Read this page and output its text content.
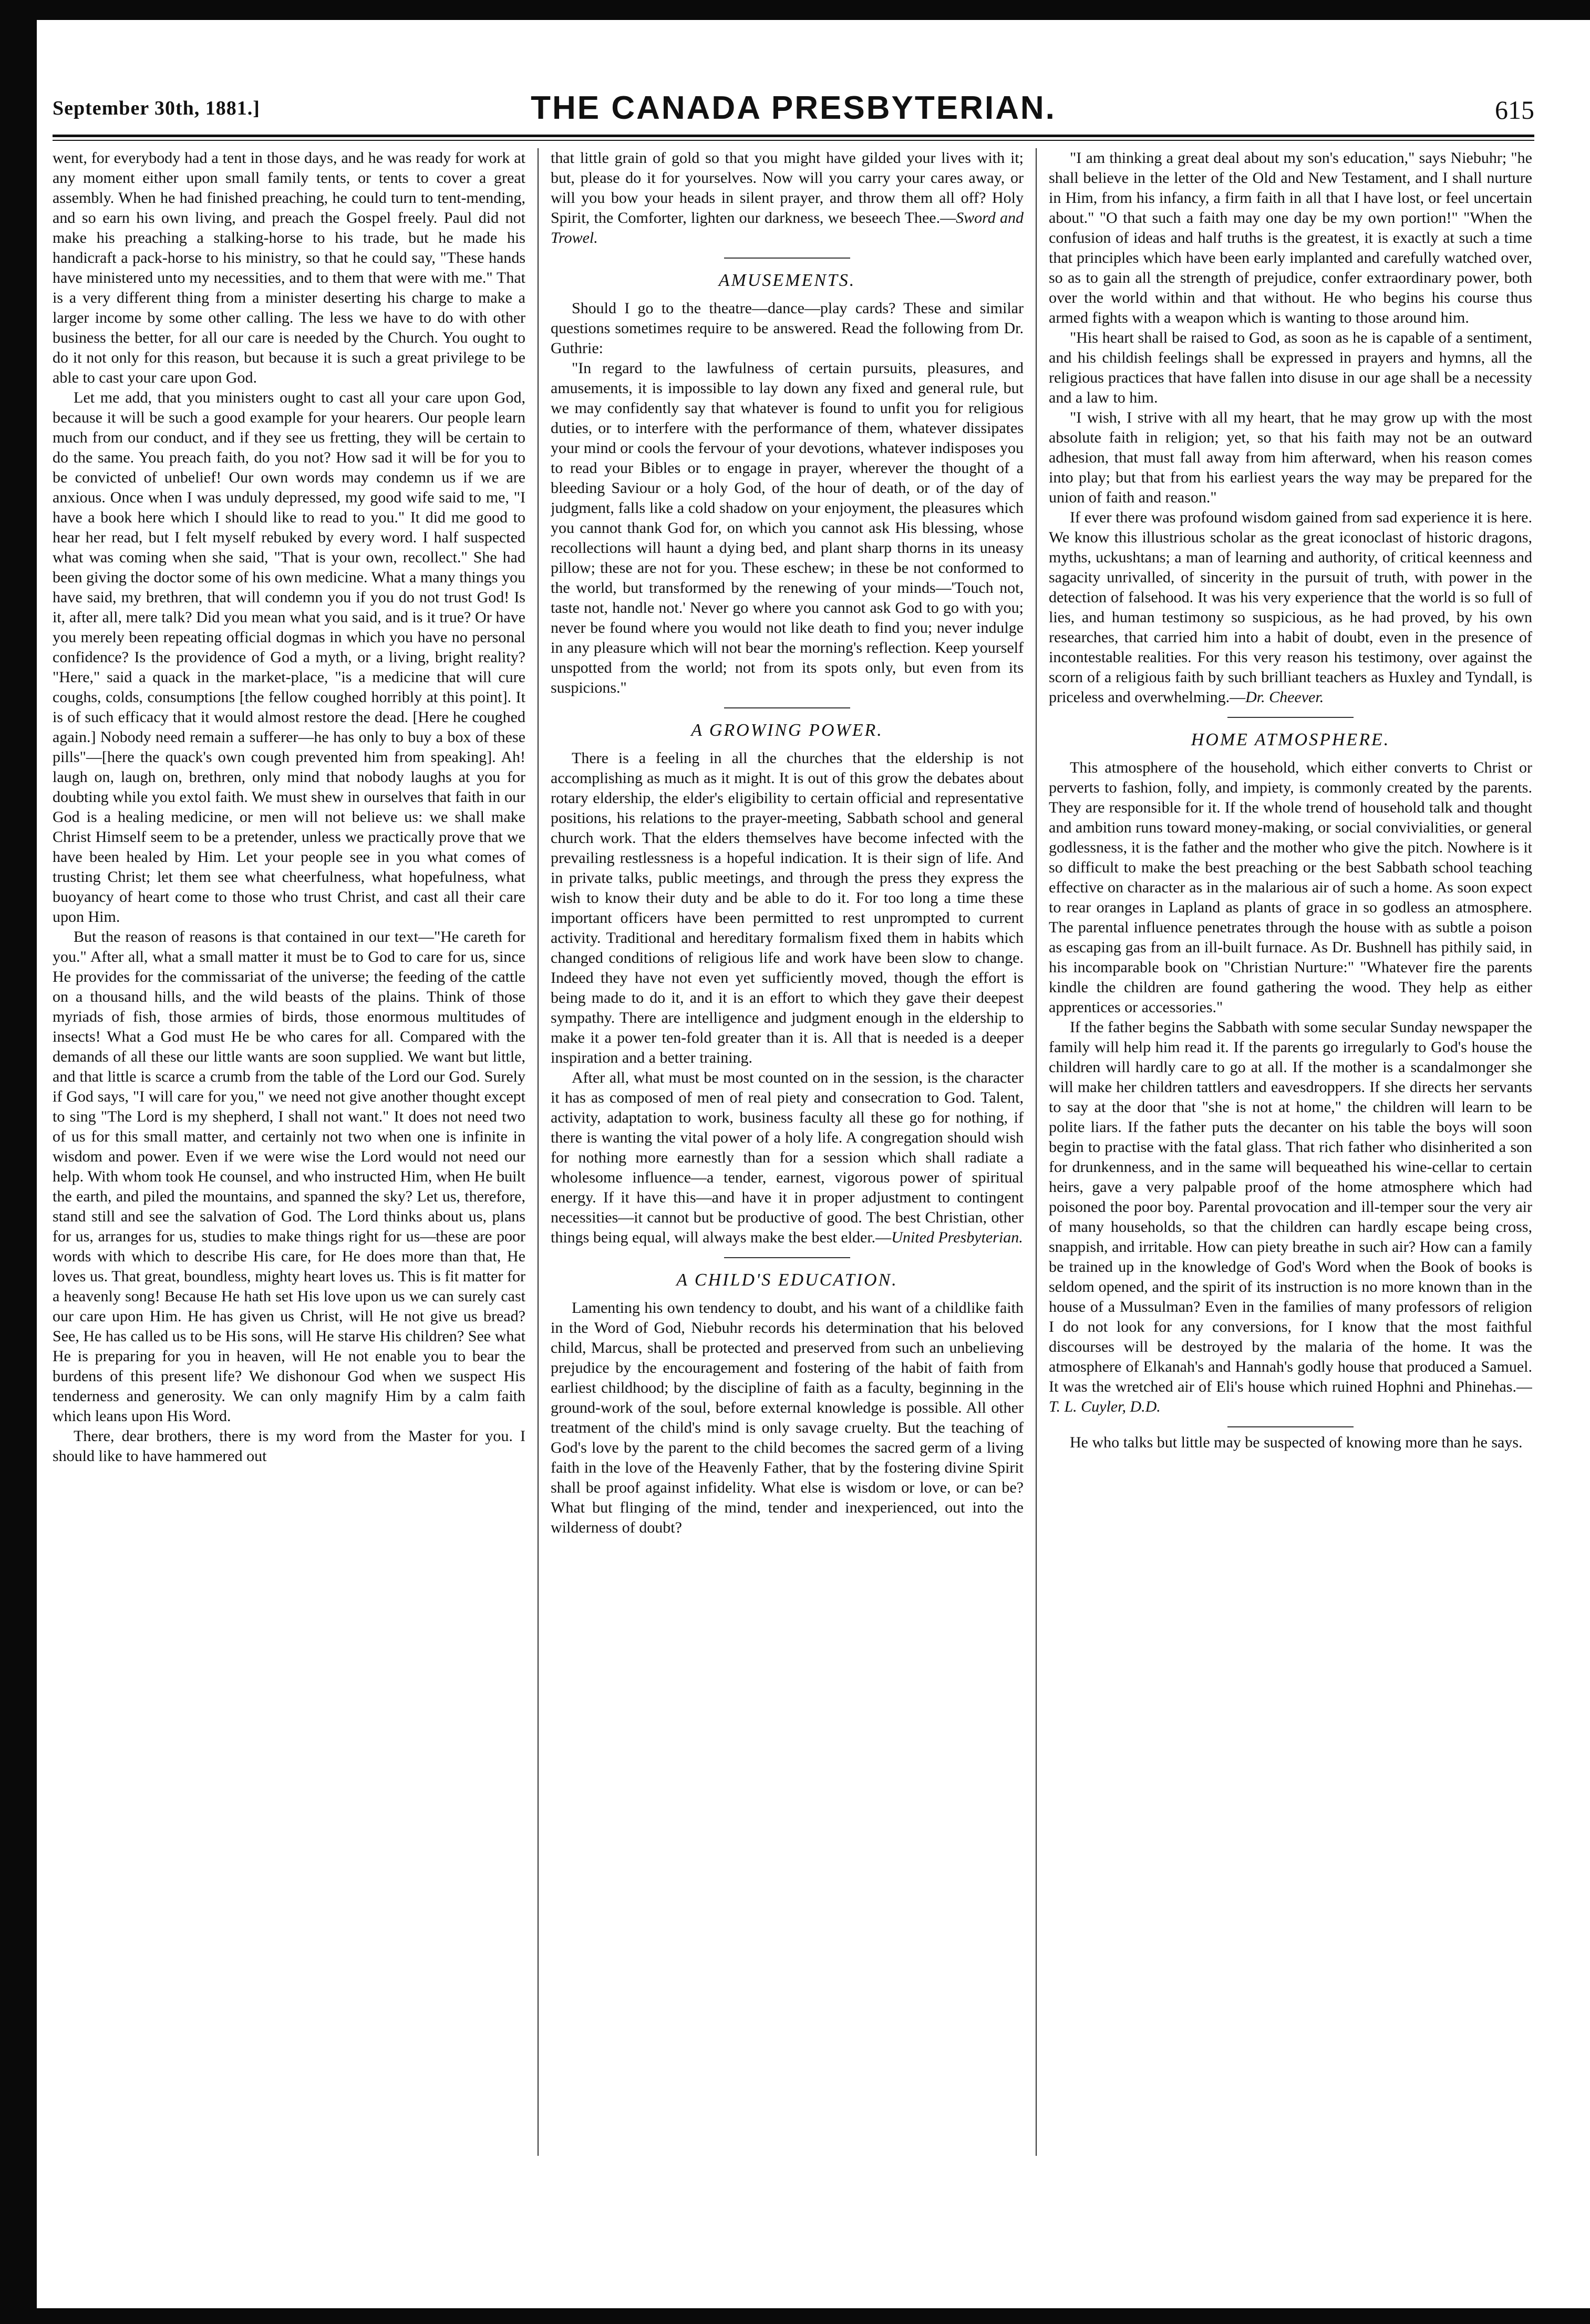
September 30th, 1881.]	THE CANADA PRESBYTERIAN.	615

went, for everybody had a tent in those days, and he was ready for work at any moment either upon small family tents, or tents to cover a great assembly. When he had finished preaching, he could turn to tent-mending, and so earn his own living, and preach the Gospel freely. Paul did not make his preaching a stalking-horse to his trade, but he made his handicraft a pack-horse to his ministry, so that he could say, "These hands have ministered unto my necessities, and to them that were with me." That is a very different thing from a minister deserting his charge to make a larger income by some other calling. The less we have to do with other business the better, for all our care is needed by the Church. You ought to do it not only for this reason, but because it is such a great privilege to be able to cast your care upon God.

Let me add, that you ministers ought to cast all your care upon God, because it will be such a good example for your hearers. Our people learn much from our conduct, and if they see us fretting, they will be certain to do the same. You preach faith, do you not? How sad it will be for you to be convicted of unbelief! Our own words may condemn us if we are anxious. Once when I was unduly depressed, my good wife said to me, "I have a book here which I should like to read to you." It did me good to hear her read, but I felt myself rebuked by every word. I half suspected what was coming when she said, "That is your own, recollect." She had been giving the doctor some of his own medicine. What a many things you have said, my brethren, that will condemn you if you do not trust God! Is it, after all, mere talk? Did you mean what you said, and is it true? Or have you merely been repeating official dogmas in which you have no personal confidence? Is the providence of God a myth, or a living, bright reality? "Here," said a quack in the market-place, "is a medicine that will cure coughs, colds, consumptions [the fellow coughed horribly at this point]. It is of such efficacy that it would almost restore the dead. [Here he coughed again.] Nobody need remain a sufferer—he has only to buy a box of these pills"—[here the quack's own cough prevented him from speaking]. Ah! laugh on, laugh on, brethren, only mind that nobody laughs at you for doubting while you extol faith. We must shew in ourselves that faith in our God is a healing medicine, or men will not believe us: we shall make Christ Himself seem to be a pretender, unless we practically prove that we have been healed by Him. Let your people see in you what comes of trusting Christ; let them see what cheerfulness, what hopefulness, what buoyancy of heart come to those who trust Christ, and cast all their care upon Him.

But the reason of reasons is that contained in our text—"He careth for you." After all, what a small matter it must be to God to care for us, since He provides for the commissariat of the universe; the feeding of the cattle on a thousand hills, and the wild beasts of the plains. Think of those myriads of fish, those armies of birds, those enormous multitudes of insects! What a God must He be who cares for all. Compared with the demands of all these our little wants are soon supplied. We want but little, and that little is scarce a crumb from the table of the Lord our God. Surely if God says, "I will care for you," we need not give another thought except to sing "The Lord is my shepherd, I shall not want." It does not need two of us for this small matter, and certainly not two when one is infinite in wisdom and power. Even if we were wise the Lord would not need our help. With whom took He counsel, and who instructed Him, when He built the earth, and piled the mountains, and spanned the sky? Let us, therefore, stand still and see the salvation of God. The Lord thinks about us, plans for us, arranges for us, studies to make things right for us—these are poor words with which to describe His care, for He does more than that, He loves us. That great, boundless, mighty heart loves us. This is fit matter for a heavenly song! Because He hath set His love upon us we can surely cast our care upon Him. He has given us Christ, will He not give us bread? See, He has called us to be His sons, will He starve His children? See what He is preparing for you in heaven, will He not enable you to bear the burdens of this present life? We dishonour God when we suspect His tenderness and generosity. We can only magnify Him by a calm faith which leans upon His Word.

There, dear brothers, there is my word from the Master for you. I should like to have hammered out

that little grain of gold so that you might have gilded your lives with it; but, please do it for yourselves. Now will you carry your cares away, or will you bow your heads in silent prayer, and throw them all off? Holy Spirit, the Comforter, lighten our darkness, we beseech Thee.—Sword and Trowel.

AMUSEMENTS.

Should I go to the theatre—dance—play cards? These and similar questions sometimes require to be answered. Read the following from Dr. Guthrie:

"In regard to the lawfulness of certain pursuits, pleasures, and amusements, it is impossible to lay down any fixed and general rule, but we may confidently say that whatever is found to unfit you for religious duties, or to interfere with the performance of them, whatever dissipates your mind or cools the fervour of your devotions, whatever indisposes you to read your Bibles or to engage in prayer, wherever the thought of a bleeding Saviour or a holy God, of the hour of death, or of the day of judgment, falls like a cold shadow on your enjoyment, the pleasures which you cannot thank God for, on which you cannot ask His blessing, whose recollections will haunt a dying bed, and plant sharp thorns in its uneasy pillow; these are not for you. These eschew; in these be not conformed to the world, but transformed by the renewing of your minds—'Touch not, taste not, handle not.' Never go where you cannot ask God to go with you; never be found where you would not like death to find you; never indulge in any pleasure which will not bear the morning's reflection. Keep yourself unspotted from the world; not from its spots only, but even from its suspicions."

A GROWING POWER.

There is a feeling in all the churches that the eldership is not accomplishing as much as it might. It is out of this grow the debates about rotary eldership, the elder's eligibility to certain official and representative positions, his relations to the prayer-meeting, Sabbath school and general church work. That the elders themselves have become infected with the prevailing restlessness is a hopeful indication. It is their sign of life. And in private talks, public meetings, and through the press they express the wish to know their duty and be able to do it. For too long a time these important officers have been permitted to rest unprompted to current activity. Traditional and hereditary formalism fixed them in habits which changed conditions of religious life and work have been slow to change. Indeed they have not even yet sufficiently moved, though the effort is being made to do it, and it is an effort to which they gave their deepest sympathy. There are intelligence and judgment enough in the eldership to make it a power ten-fold greater than it is. All that is needed is a deeper inspiration and a better training.

After all, what must be most counted on in the session, is the character it has as composed of men of real piety and consecration to God. Talent, activity, adaptation to work, business faculty all these go for nothing, if there is wanting the vital power of a holy life. A congregation should wish for nothing more earnestly than for a session which shall radiate a wholesome influence—a tender, earnest, vigorous power of spiritual energy. If it have this—and have it in proper adjustment to contingent necessities—it cannot but be productive of good. The best Christian, other things being equal, will always make the best elder.—United Presbyterian.

A CHILD'S EDUCATION.

Lamenting his own tendency to doubt, and his want of a childlike faith in the Word of God, Niebuhr records his determination that his beloved child, Marcus, shall be protected and preserved from such an unbelieving prejudice by the encouragement and fostering of the habit of faith from earliest childhood; by the discipline of faith as a faculty, beginning in the ground-work of the soul, before external knowledge is possible. All other treatment of the child's mind is only savage cruelty. But the teaching of God's love by the parent to the child becomes the sacred germ of a living faith in the love of the Heavenly Father, that by the fostering divine Spirit shall be proof against infidelity. What else is wisdom or love, or can be? What but flinging of the mind, tender and inexperienced, out into the wilderness of doubt?

"I am thinking a great deal about my son's education," says Niebuhr; "he shall believe in the letter of the Old and New Testament, and I shall nurture in Him, from his infancy, a firm faith in all that I have lost, or feel uncertain about." "O that such a faith may one day be my own portion!" "When the confusion of ideas and half truths is the greatest, it is exactly at such a time that principles which have been early implanted and carefully watched over, so as to gain all the strength of prejudice, confer extraordinary power, both over the world within and that without. He who begins his course thus armed fights with a weapon which is wanting to those around him.

"His heart shall be raised to God, as soon as he is capable of a sentiment, and his childish feelings shall be expressed in prayers and hymns, all the religious practices that have fallen into disuse in our age shall be a necessity and a law to him.

"I wish, I strive with all my heart, that he may grow up with the most absolute faith in religion; yet, so that his faith may not be an outward adhesion, that must fall away from him afterward, when his reason comes into play; but that from his earliest years the way may be prepared for the union of faith and reason."

If ever there was profound wisdom gained from sad experience it is here. We know this illustrious scholar as the great iconoclast of historic dragons, myths, uckushtans; a man of learning and authority, of critical keenness and sagacity unrivalled, of sincerity in the pursuit of truth, with power in the detection of falsehood. It was his very experience that the world is so full of lies, and human testimony so suspicious, as he had proved, by his own researches, that carried him into a habit of doubt, even in the presence of incontestable realities. For this very reason his testimony, over against the scorn of a religious faith by such brilliant teachers as Huxley and Tyndall, is priceless and overwhelming.—Dr. Cheever.

HOME ATMOSPHERE.

This atmosphere of the household, which either converts to Christ or perverts to fashion, folly, and impiety, is commonly created by the parents. They are responsible for it. If the whole trend of household talk and thought and ambition runs toward money-making, or social convivialities, or general godlessness, it is the father and the mother who give the pitch. Nowhere is it so difficult to make the best preaching or the best Sabbath school teaching effective on character as in the malarious air of such a home. As soon expect to rear oranges in Lapland as plants of grace in so godless an atmosphere. The parental influence penetrates through the house with as subtle a poison as escaping gas from an ill-built furnace. As Dr. Bushnell has pithily said, in his incomparable book on "Christian Nurture:" "Whatever fire the parents kindle the children are found gathering the wood. They help as either apprentices or accessories."

If the father begins the Sabbath with some secular Sunday newspaper the family will help him read it. If the parents go irregularly to God's house the children will hardly care to go at all. If the mother is a scandalmonger she will make her children tattlers and eavesdroppers. If she directs her servants to say at the door that "she is not at home," the children will learn to be polite liars. If the father puts the decanter on his table the boys will soon begin to practise with the fatal glass. That rich father who disinherited a son for drunkenness, and in the same will bequeathed his wine-cellar to certain heirs, gave a very palpable proof of the home atmosphere which had poisoned the poor boy. Parental provocation and ill-temper sour the very air of many households, so that the children can hardly escape being cross, snappish, and irritable. How can piety breathe in such air? How can a family be trained up in the knowledge of God's Word when the Book of books is seldom opened, and the spirit of its instruction is no more known than in the house of a Mussulman? Even in the families of many professors of religion I do not look for any conversions, for I know that the most faithful discourses will be destroyed by the malaria of the home. It was the atmosphere of Elkanah's and Hannah's godly house that produced a Samuel. It was the wretched air of Eli's house which ruined Hophni and Phinehas.—T. L. Cuyler, D.D.

He who talks but little may be suspected of knowing more than he says.
